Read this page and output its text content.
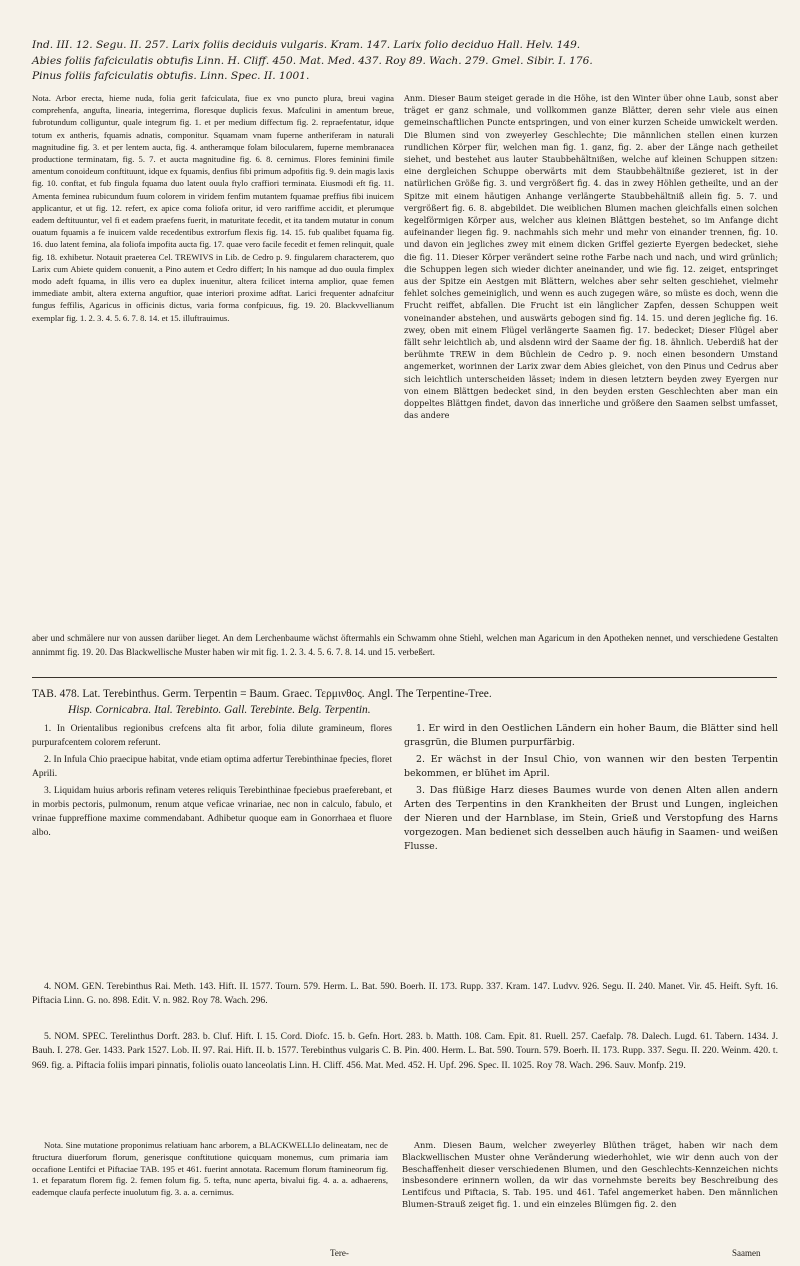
Ind. III. 12. Segu. II. 257. Larix foliis deciduis vulgaris. Kram. 147. Larix folio deciduo Hall. Helv. 149.

Abies foliis fafciculatis obtufis Linn. H. Cliff. 450. Mat. Med. 437. Roy 89. Wach. 279. Gmel. Sibir. I. 176.

Pinus foliis fafciculatis obtufis. Linn. Spec. II. 1001.

Nota. Arbor erecta, hieme nuda, folia gerit fafciculata, fiue ex vno puncto plura, breui vagina comprehenfa, angufta, linearia, integerrima, floresque duplicis fexus. Mafculini in amentum breue, fubrotundum colliguntur, quale integrum fig. 1. et per medium diffectum fig. 2. repraefentatur, idque totum ex antheris, fquamis adnatis, componitur. Squamam vnam fuperne antheriferam in naturali magnitudine fig. 3. et per lentem aucta, fig. 4. antheramque folam bilocularem, fuperne membranacea productione terminatam, fig. 5. 7. et aucta magnitudine fig. 6. 8. cernimus. Flores feminini fimile amentum conoideum conftituunt, idque ex fquamis, denfius fibi primum adpofitis fig. 9. dein magis laxis fig. 10. conftat, et fub fingula fquama duo latent ouula ftylo craffiori terminata. Eiusmodi eft fig. 11. Amenta feminea rubicundum fuum colorem in viridem fenfim mutantem fquamae preffius fibi inuicem applicantur, et ut fig. 12. refert, ex apice coma foliofa oritur, id vero rariffime accidit, et plerumque eadem deftituuntur, vel fi et eadem praefens fuerit, in maturitate fecedit, et ita tandem mutatur in conum ouatum fquamis a fe inuicem valde recedentibus extrorfum flexis fig. 14. 15. fub qualibet fquama fig. 16. duo latent femina, ala foliofa impofita aucta fig. 17. quae vero facile fecedit et femen relinquit, quale fig. 18. exhibetur. Notauit praeterea Cel. TREWIVS in Lib. de Cedro p. 9. fingularem characterem, quo Larix cum Abiete quidem conuenit, a Pino autem et Cedro differt; In his namque ad duo ouula fimplex modo adeft fquama, in illis vero ea duplex inuenitur, altera fcilicet interna amplior, quae femen immediate ambit, altera externa anguftior, quae interiori proxime adftat. Larici frequenter adnafcitur fungus feffilis, Agaricus in officinis dictus, varia forma confpicuus, fig. 19. 20. Blackvvellianum exemplar fig. 1. 2. 3. 4. 5. 6. 7. 8. 14. et 15. illuftrauimus.

Anm. Dieser Baum steiget gerade in die Höhe, ist den Winter über ohne Laub, sonst aber träget er ganz schmale, und vollkommen ganze Blätter, deren sehr viele aus einen gemeinschaftlichen Puncte entspringen, und von einer kurzen Scheide umwickelt werden. Die Blumen sind von zweyerley Geschlechte; Die männlichen stellen einen kurzen rundlichen Körper für, welchen man fig. 1. ganz, fig. 2. aber der Länge nach getheilet siehet, und bestehet aus lauter Staubbehältnißen, welche auf kleinen Schuppen sitzen: eine dergleichen Schuppe oberwärts mit dem Staubbehältniße gezieret, ist in der natürlichen Größe fig. 3. und vergrößert fig. 4. das in zwey Höhlen getheilte, und an der Spitze mit einem häutigen Anhange verlängerte Staubbehältniß allein fig. 5. 7. und vergrößert fig. 6. 8. abgebildet. Die weiblichen Blumen machen gleichfalls einen solchen kegelförmigen Körper aus, welcher aus kleinen Blättgen bestehet, so im Anfange dicht aufeinander liegen fig. 9. nachmahls sich mehr und mehr von einander trennen, fig. 10. und davon ein jegliches zwey mit einem dicken Griffel gezierte Eyergen bedecket, siehe die fig. 11. Dieser Körper verändert seine rothe Farbe nach und nach, und wird grünlich; die Schuppen legen sich wieder dichter aneinander, und wie fig. 12. zeiget, entspringet aus der Spitze ein Aestgen mit Blättern, welches aber sehr selten geschiehet, vielmehr fehlet solches gemeiniglich, und wenn es auch zugegen wäre, so müste es doch, wenn die Frucht reiffet, abfallen. Die Frucht ist ein länglicher Zapfen, dessen Schuppen weit voneinander abstehen, und auswärts gebogen sind fig. 14. 15. und deren jegliche fig. 16. zwey, oben mit einem Flügel verlängerte Saamen fig. 17. bedecket; Dieser Flügel aber fällt sehr leichtlich ab, und alsdenn wird der Saame der fig. 18. ähnlich. Ueberdiß hat der berühmte TREW in dem Büchlein de Cedro p. 9. noch einen besondern Umstand angemerket, worinnen der Larix zwar dem Abies gleichet, von den Pinus und Cedrus aber sich leichtlich unterscheiden lässet; indem in diesen letztern beyden zwey Eyergen nur von einem Blättgen bedecket sind, in den beyden ersten Geschlechten aber man ein doppeltes Blättgen findet, davon das innerliche und größere den Saamen selbst umfasset, das andere

aber und schmälere nur von aussen darüber lieget. An dem Lerchenbaume wächst öftermahls ein Schwamm ohne Stiehl, welchen man Agaricum in den Apotheken nennet, und verschiedene Gestalten annimmt fig. 19. 20. Das Blackwellische Muster haben wir mit fig. 1. 2. 3. 4. 5. 6. 7. 8. 14. und 15. verbeßert.

TAB. 478. Lat. Terebinthus. Germ. Terpentin = Baum. Graec. Τερμινθος. Angl. The Terpentine-Tree.

Hisp. Cornicabra. Ital. Terebinto. Gall. Terebinte. Belg. Terpentin.

1. In Orientalibus regionibus crefcens alta fit arbor, folia dilute gramineum, flores purpurafcentem colorem referunt.

2. In Infula Chio praecipue habitat, vnde etiam optima adfertur Terebinthinae fpecies, floret Aprili.

3. Liquidam huius arboris refinam veteres reliquis Terebinthinae fpeciebus praeferebant, et in morbis pectoris, pulmonum, renum atque veficae vrinariae, nec non in calculo, fabulo, et vrinae fuppreffione maxime commendabant. Adhibetur quoque eam in Gonorrhaea et fluore albo.

1. Er wird in den Oestlichen Ländern ein hoher Baum, die Blätter sind hell grasgrün, die Blumen purpurfärbig.

2. Er wächst in der Insul Chio, von wannen wir den besten Terpentin bekommen, er blühet im April.

3. Das flüßige Harz dieses Baumes wurde von denen Alten allen andern Arten des Terpentins in den Krankheiten der Brust und Lungen, ingleichen der Nieren und der Harnblase, im Stein, Grieß und Verstopfung des Harns vorgezogen. Man bedienet sich desselben auch häufig in Saamen- und weißen Flusse.

4. NOM. GEN. Terebinthus Rai. Meth. 143. Hift. II. 1577. Tourn. 579. Herm. L. Bat. 590. Boerh. II. 173. Rupp. 337. Kram. 147. Ludvv. 926. Segu. II. 240. Manet. Vir. 45. Heift. Syft. 16. Piftacia Linn. G. no. 898. Edit. V. n. 982. Roy 78. Wach. 296.

5. NOM. SPEC. Terelinthus Dorft. 283. b. Cluf. Hift. I. 15. Cord. Diofc. 15. b. Gefn. Hort. 283. b. Matth. 108. Cam. Epit. 81. Ruell. 257. Caefalp. 78. Dalech. Lugd. 61. Tabern. 1434. J. Bauh. I. 278. Ger. 1433. Park 1527. Lob. II. 97. Rai. Hift. II. b. 1577. Terebinthus vulgaris C. B. Pin. 400. Herm. L. Bat. 590. Tourn. 579. Boerh. II. 173. Rupp. 337. Segu. II. 220. Weinm. 420. t. 969. fig. a. Piftacia foliis impari pinnatis, foliolis ouato lanceolatis Linn. H. Cliff. 456. Mat. Med. 452. H. Upf. 296. Spec. II. 1025. Roy 78. Wach. 296. Sauv. Monfp. 219.

Nota. Sine mutatione proponimus relatiuam hanc arborem, a BLACKWELLIo delineatam, nec de ftructura diuerforum florum, generisque conftitutione quicquam monemus, cum primaria iam occafione Lentifci et Piftaciae TAB. 195 et 461. fuerint annotata. Racemum florum ftamineorum fig. 1. et feparatum florem fig. 2. femen folum fig. 5. tefta, nunc aperta, bivalui fig. 4. a. a. adhaerens, eademque claufa perfecte inuolutum fig. 3. a. a. cernimus.

Tere-

Anm. Diesen Baum, welcher zweyerley Blüthen träget, haben wir nach dem Blackwellischen Muster ohne Veränderung wiederhohlet, wie wir denn auch von der Beschaffenheit dieser verschiedenen Blumen, und den Geschlechts-Kennzeichen nichts insbesondere erinnern wollen, da wir das vornehmste bereits bey Beschreibung des Lentifcus und Piftacia, S. Tab. 195. und 461. Tafel angemerket haben. Den männlichen Blumen-Strauß zeiget fig. 1. und ein einzeles Blümgen fig. 2. den

Saamen
